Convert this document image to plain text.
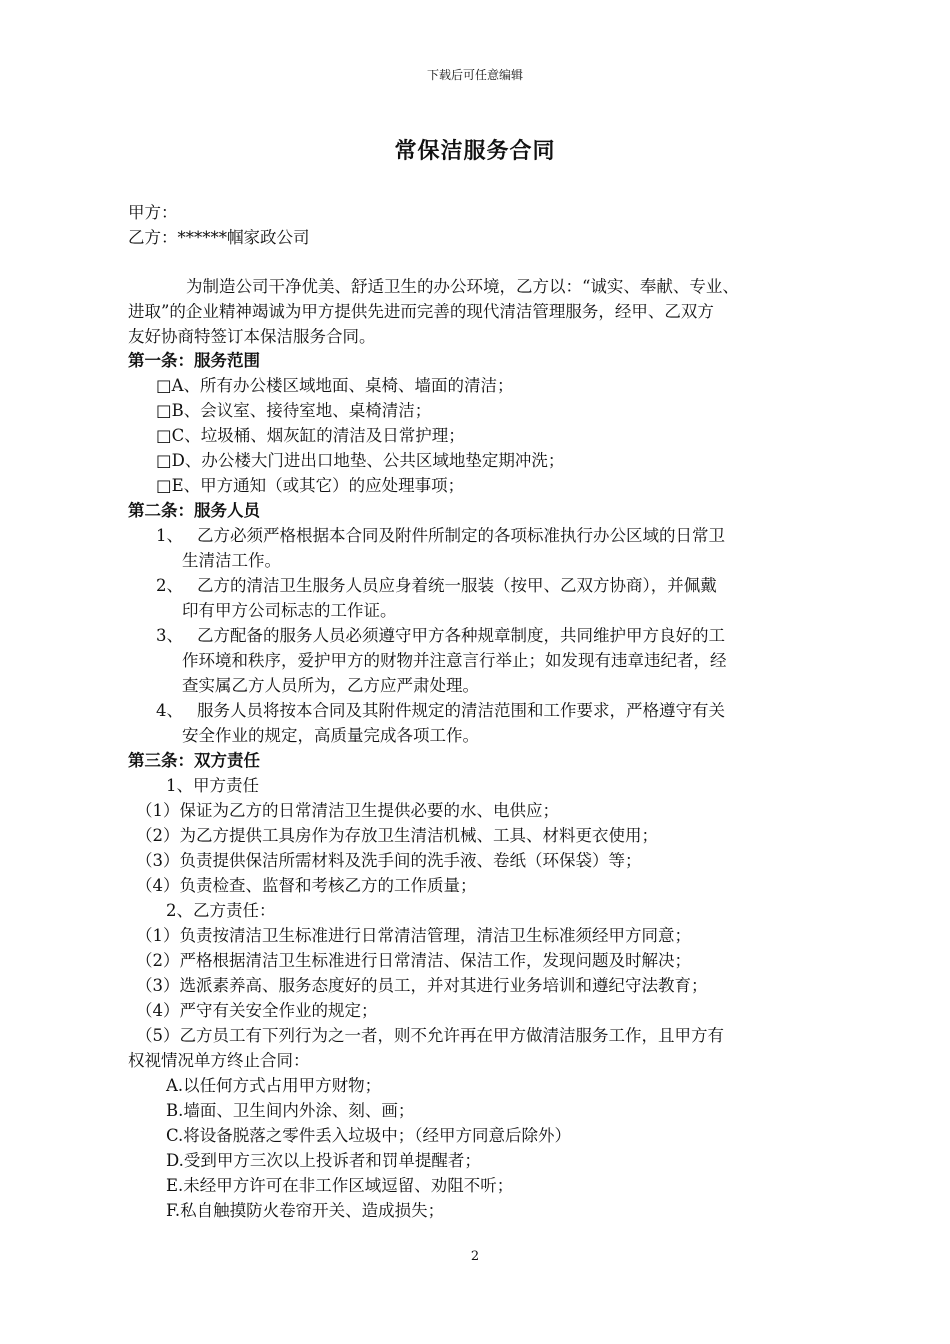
下载后可任意编辑
常保洁服务合同
甲方：
乙方：******帼家政公司
为制造公司干净优美、舒适卫生的办公环境，乙方以：“诚实、奉献、专业、
进取”的企业精神竭诚为甲方提供先进而完善的现代清洁管理服务，经甲、乙双方
友好协商特签订本保洁服务合同。
第一条：服务范围
□A、所有办公楼区域地面、桌椅、墙面的清洁；
□B、会议室、接待室地、桌椅清洁；
□C、垃圾桶、烟灰缸的清洁及日常护理；
□D、办公楼大门进出口地垫、公共区域地垫定期冲洗；
□E、甲方通知（或其它）的应处理事项；
第二条：服务人员
1、 乙方必须严格根据本合同及附件所制定的各项标准执行办公区域的日常卫
生清洁工作。
2、 乙方的清洁卫生服务人员应身着统一服装（按甲、乙双方协商），并佩戴
印有甲方公司标志的工作证。
3、 乙方配备的服务人员必须遵守甲方各种规章制度，共同维护甲方良好的工
作环境和秩序，爱护甲方的财物并注意言行举止；如发现有违章违纪者，经
查实属乙方人员所为，乙方应严肃处理。
4、 服务人员将按本合同及其附件规定的清洁范围和工作要求，严格遵守有关
安全作业的规定，高质量完成各项工作。
第三条：双方责任
1、甲方责任
（1）保证为乙方的日常清洁卫生提供必要的水、电供应；
（2）为乙方提供工具房作为存放卫生清洁机械、工具、材料更衣使用；
（3）负责提供保洁所需材料及洗手间的洗手液、卷纸（环保袋）等；
（4）负责检查、监督和考核乙方的工作质量；
2、乙方责任：
（1）负责按清洁卫生标准进行日常清洁管理，清洁卫生标准须经甲方同意；
（2）严格根据清洁卫生标准进行日常清洁、保洁工作，发现问题及时解决；
（3）选派素养高、服务态度好的员工，并对其进行业务培训和遵纪守法教育；
（4）严守有关安全作业的规定；
（5）乙方员工有下列行为之一者，则不允许再在甲方做清洁服务工作，且甲方有
权视情况单方终止合同：
A.以任何方式占用甲方财物；
B.墙面、卫生间内外涂、刻、画；
C.将设备脱落之零件丢入垃圾中；（经甲方同意后除外）
D.受到甲方三次以上投诉者和罚单提醒者；
E.未经甲方许可在非工作区域逗留、劝阻不听；
F.私自触摸防火卷帘开关、造成损失；
2
